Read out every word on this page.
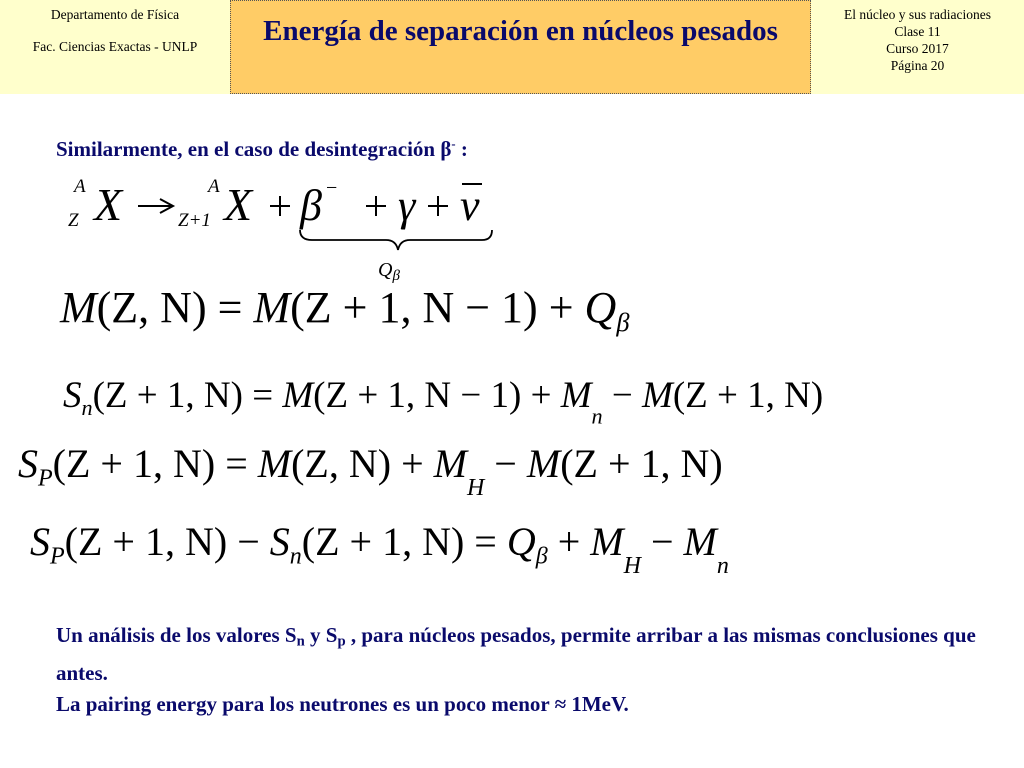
Departamento de Física
Fac. Ciencias Exactas - UNLP	Energía de separación en núcleos pesados
El núcleo y sus radiaciones
Clase 11
Curso 2017
Página 20
Similarmente, en el caso de desintegración β- :
A
Z X	A
Z+1 X β − γ ν
$Q_\beta$
M(Z, N) = M(Z + 1, $N - 1) + Q_\beta$
$S_n(Z + 1$, N) = M(Z + 1, $N - 1) + M_n - M(Z + 1$, N)
$S_P(Z + 1$, N) = M(Z, $N) + M_H - M(Z + 1$, N)
$S_P(Z + 1$, $N) - S_n(Z + 1$, $N) = Q_\beta + M_H - M_n$
Un análisis de los valores $S_n$ y $S_p$ , para núcleos pesados, permite arribar a las mismas conclusiones que antes.
La pairing energy para los neutrones es un poco menor ≈ 1MeV.
